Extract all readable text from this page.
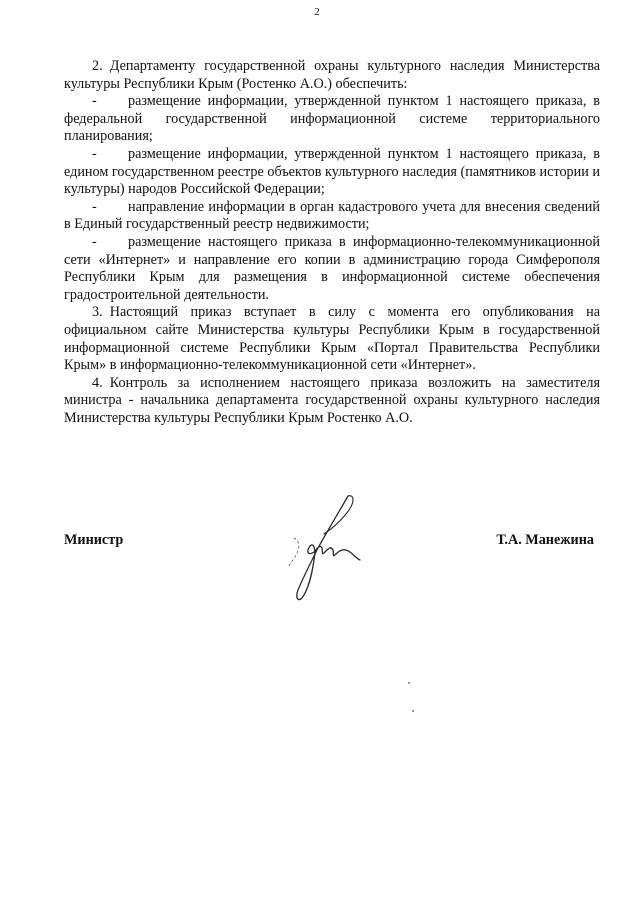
2

2. Департаменту государственной охраны культурного наследия Министерства культуры Республики Крым (Ростенко А.О.) обеспечить:

- размещение информации, утвержденной пунктом 1 настоящего приказа, в федеральной государственной информационной системе территориального планирования;

- размещение информации, утвержденной пунктом 1 настоящего приказа, в едином государственном реестре объектов культурного наследия (памятников истории и культуры) народов Российской Федерации;

- направление информации в орган кадастрового учета для внесения сведений в Единый государственный реестр недвижимости;

- размещение настоящего приказа в информационно-телекоммуникационной сети «Интернет» и направление его копии в администрацию города Симферополя Республики Крым для размещения в информационной системе обеспечения градостроительной деятельности.

3. Настоящий приказ вступает в силу с момента его опубликования на официальном сайте Министерства культуры Республики Крым в государственной информационной системе Республики Крым «Портал Правительства Республики Крым» в информационно-телекоммуникационной сети «Интернет».

4. Контроль за исполнением настоящего приказа возложить на заместителя министра - начальника департамента государственной охраны культурного наследия Министерства культуры Республики Крым Ростенко А.О.

Министр	Т.А. Манежина
